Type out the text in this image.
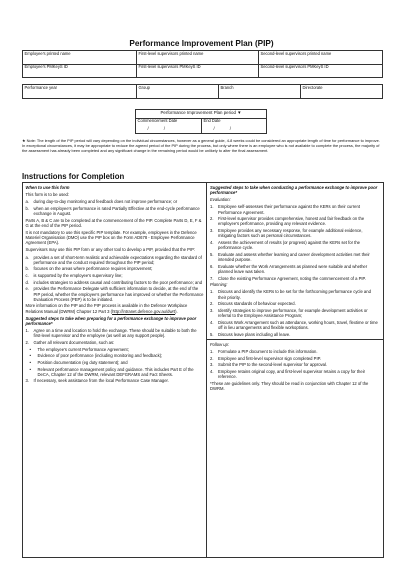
Performance Improvement Plan (PIP)
Employee's printed name	First-level supervisors printed name	Second-level supervisors printed name
Employee's PMKeyS ID	First-level supervisors PMKeyS ID	Second-level supervisors PMKeyS ID
Performance year	Group	Branch	Directorate
Performance Improvement Plan period ▼
Commencement Date
/ /
	End Date
/ /
★ Note: The length of the PIP period will vary depending on the individual circumstances, however as a general guide, 4-8 weeks could be considered an appropriate length of time for performance to improve. In exceptional circumstances, it may be appropriate to reduce the agreed period of the PIP during the process, but only where there is an employee who is not available to complete the process, the majority of the assessment has already been completed and any significant change in the remaining period would be unlikely to alter the final assessment.
Instructions for Completion
When to use this form
This form is to be used:
a.	during day-to-day monitoring and feedback does not improve performance; or
b.	when an employee's performance is rated Partially Effective at the end-cycle performance exchange in August.
Parts A, B & C are to be completed at the commencement of the PIP. Complete Parts D, E, F & G at the end of the PIP period.
It is not mandatory to use this specific PIP template. For example, employees in the Defence Materiel Organisation (DMO) use the PIP box on the Form AD678 - Employee Performance Agreement (EPA).
Supervisors may use this PIP form or any other tool to develop a PIP, provided that the PIP:
a.	provides a set of short-term realistic and achievable expectations regarding the standard of performance and the conduct required throughout the PIP period;
b.	focuses on the areas where performance requires improvement;
c.	is supported by the employee's supervisory line;
d.	includes strategies to address causal and contributing factors to the poor performance; and
e.	provides the Performance Delegate with sufficient information to decide, at the end of the PIP period, whether the employee's performance has improved or whether the Performance Evaluation Process (PEP) is to be initiated.
More information on the PIP and the PIP process is available in the Defence Workplace Relations Manual (DWRM) Chapter 12 Part 3 (http://intranet.defence.gov.au/dwrt).
Suggested steps to take when preparing for a performance exchange to improve poor performance*
1.	Agree on a time and location to hold the exchange. These should be suitable to both the first-level supervisor and the employee (as well as any support people).
2.	Gather all relevant documentation, such as:
•	The employee's current Performance Agreement;
•	Evidence of poor performance (including monitoring and feedback);
•	Position documentation (eg duty statement); and
•	Relevant performance management policy and guidance. This includes Part E of the DeCA, Chapter 12 of the DWRM, relevant DEFGRAMS and Fact Sheets.
3.	If necessary, seek assistance from the local Performance Case Manager.
Suggested steps to take when conducting a performance exchange to improve poor performance*
Evaluation:
1.	Employee self-assesses their performance against the KERs on their current Performance Agreement.
2.	First-level supervisor provides comprehensive, honest and fair feedback on the employee's performance, providing any relevant evidence.
3.	Employee provides any necessary response, for example additional evidence, mitigating factors such as personal circumstances.
4.	Assess the achievement of results (or progress) against the KERs set for the performance cycle.
5.	Evaluate and assess whether learning and career development activities met their intended purpose.
6.	Evaluate whether the Work Arrangements as planned were suitable and whether planned leave was taken.
7.	Close the existing Performance Agreement, noting the commencement of a PIP.
Planning:
1.	Discuss and identify the KERs to be set for the forthcoming performance cycle and their priority.
2.	Discuss standards of behaviour expected.
3.	Identify strategies to improve performance, for example development activities or referral to the Employee Assistance Program;
4.	Discuss Work Arrangement such as attendance, working hours, travel, flextime or time off in lieu arrangements and flexible workoptions.
5.	Discuss leave plans including all leave.
Follow up:
1.	Formulate a PIP document to include this information.
2.	Employee and first-level supervisor sign completed PIP.
3.	Submit the PIP to the second-level supervisor for approval.
4.	Employee retains original copy, and first-level supervisor retains a copy for their reference.
*These are guidelines only. They should be read in conjunction with Chapter 12 of the DWRM.
